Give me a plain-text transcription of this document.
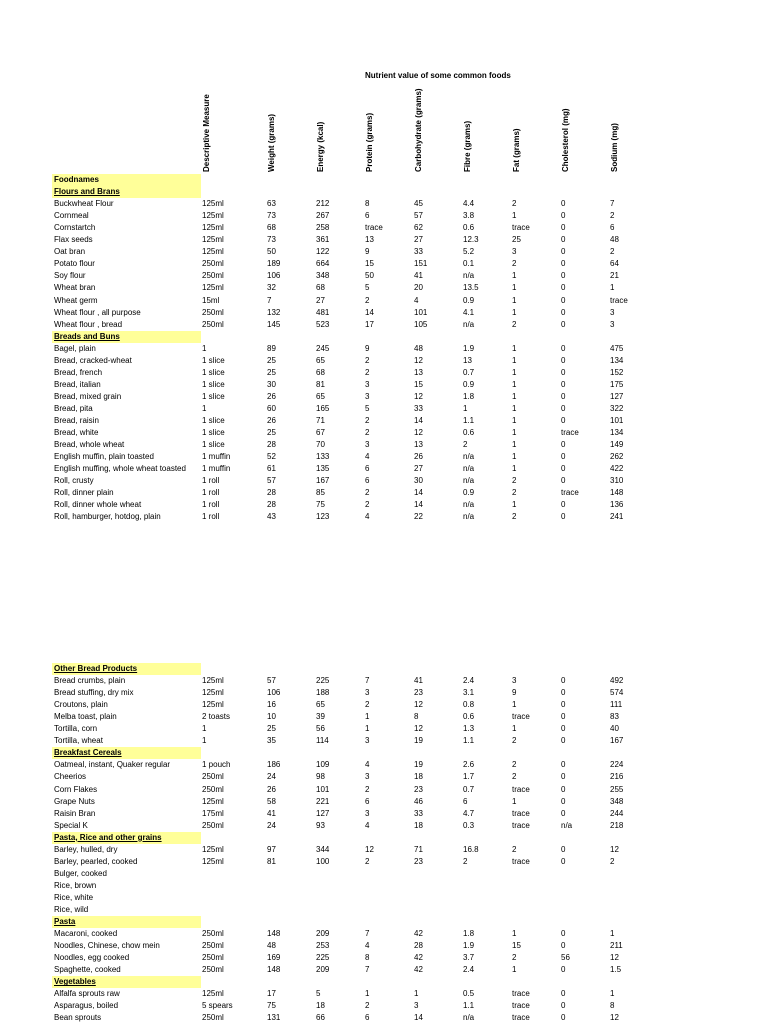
Nutrient value of some common foods
Descriptive Measure	Weight (grams)	Energy (kcal)	Protein (grams)	Carbohydrate (grams)	Fibre (grams)	Fat (grams)	Cholesterol (mg)	Sodium (mg)
Foodnames
Flours and Brans
Buckwheat Flour	125ml	63	212	8	45	4.4	2	0	7
Cornmeal	125ml	73	267	6	57	3.8	1	0	2
Cornstartch	125ml	68	258	trace	62	0.6	trace	0	6
Flax seeds	125ml	73	361	13	27	12.3	25	0	48
Oat bran	125ml	50	122	9	33	5.2	3	0	2
Potato flour	250ml	189	664	15	151	0.1	2	0	64
Soy flour	250ml	106	348	50	41	n/a	1	0	21
Wheat bran	125ml	32	68	5	20	13.5	1	0	1
Wheat germ	15ml	7	27	2	4	0.9	1	0	trace
Wheat flour , all purpose	250ml	132	481	14	101	4.1	1	0	3
Wheat flour , bread	250ml	145	523	17	105	n/a	2	0	3
Breads and Buns
Bagel, plain	1	89	245	9	48	1.9	1	0	475
Bread, cracked-wheat	1 slice	25	65	2	12	13	1	0	134
Bread, french	1 slice	25	68	2	13	0.7	1	0	152
Bread, italian	1 slice	30	81	3	15	0.9	1	0	175
Bread, mixed grain	1 slice	26	65	3	12	1.8	1	0	127
Bread, pita	1	60	165	5	33	1	1	0	322
Bread, raisin	1 slice	26	71	2	14	1.1	1	0	101
Bread, white	1 slice	25	67	2	12	0.6	1	trace	134
Bread, whole wheat	1 slice	28	70	3	13	2	1	0	149
English muffin, plain toasted	1 muffin	52	133	4	26	n/a	1	0	262
English muffing, whole wheat toasted 1 muffin	61	135	6	27	n/a	1	0	422
Roll, crusty	1 roll	57	167	6	30	n/a	2	0	310
Roll, dinner plain	1 roll	28	85	2	14	0.9	2	trace	148
Roll, dinner whole wheat	1 roll	28	75	2	14	n/a	1	0	136
Roll, hamburger, hotdog, plain	1 roll	43	123	4	22	n/a	2	0	241
Other Bread Products
Bread crumbs, plain	125ml	57	225	7	41	2.4	3	0	492
Bread stuffing, dry mix	125ml	106	188	3	23	3.1	9	0	574
Croutons, plain	125ml	16	65	2	12	0.8	1	0	111
Melba toast, plain	2 toasts	10	39	1	8	0.6	trace	0	83
Tortilla, corn	1	25	56	1	12	1.3	1	0	40
Tortilla, wheat	1	35	114	3	19	1.1	2	0	167
Breakfast Cereals
Oatmeal, instant, Quaker regular	1 pouch	186	109	4	19	2.6	2	0	224
Cheerios	250ml	24	98	3	18	1.7	2	0	216
Corn Flakes	250ml	26	101	2	23	0.7	trace	0	255
Grape Nuts	125ml	58	221	6	46	6	1	0	348
Raisin Bran	175ml	41	127	3	33	4.7	trace	0	244
Special K	250ml	24	93	4	18	0.3	trace	n/a	218
Pasta, Rice and other grains
Barley, hulled, dry	125ml	97	344	12	71	16.8	2	0	12
Barley, pearled, cooked	125ml	81	100	2	23	2	trace	0	2
Bulger, cooked
Rice, brown
Rice, white
Rice, wild
Pasta
Macaroni, cooked	250ml	148	209	7	42	1.8	1	0	1
Noodles, Chinese, chow mein	250ml	48	253	4	28	1.9	15	0	211
Noodles, egg cooked	250ml	169	225	8	42	3.7	2	56	12
Spaghette, cooked	250ml	148	209	7	42	2.4	1	0	1.5
Vegetables
Alfalfa sprouts raw	125ml	17	5	1	1	0.5	trace	0	1
Asparagus, boiled	5 spears	75	18	2	3	1.1	trace	0	8
Bean sprouts	250ml	131	66	6	14	n/a	trace	0	12
